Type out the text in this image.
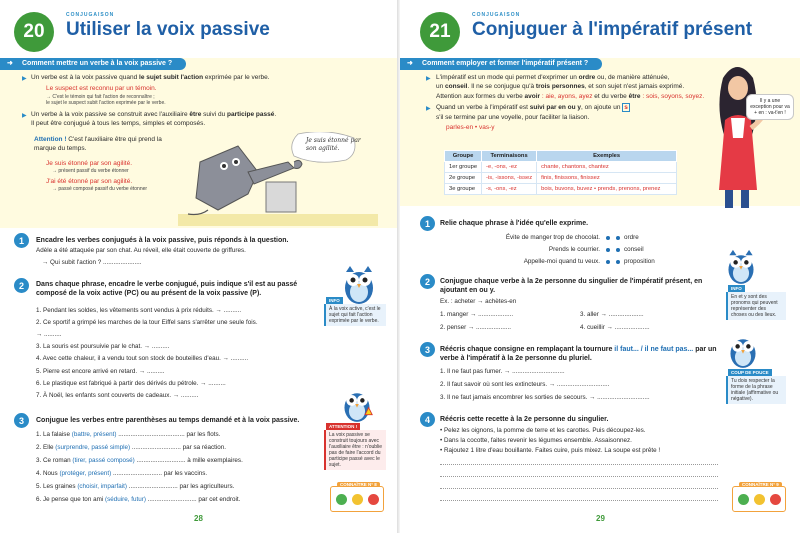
20
CONJUGAISON
Utiliser la voix passive
➜ Comment mettre un verbe à la voix passive ?
▶ Un verbe est à la voix passive quand le sujet subit l'action exprimée par le verbe.
Le suspect est reconnu par un témoin.
→ C'est le témoin qui fait l'action de reconnaître ;
le sujet le suspect subit l'action exprimée par le verbe.
▶ Un verbe à la voix passive se construit avec l'auxiliaire être suivi du participe passé.
Il peut être conjugué à tous les temps, simples et composés.
Attention ! C'est l'auxiliaire être qui prend la marque du temps.
Je suis étonné par son agilité.
→ présent passif du verbe étonner
J'ai été étonné par son agilité.
→ passé composé passif du verbe étonner
Je suis étonné par son agilité.
1	Encadre les verbes conjugués à la voix passive, puis réponds à la question.
Adèle a été attaquée par son chat. Au réveil, elle était couverte de griffures.
→ Qui subit l'action ? ......................
2	Dans chaque phrase, encadre le verbe conjugué, puis indique s'il est au passé composé de la voix active (PC) ou au présent de la voix passive (P).
1. Pendant les soldes, les vêtements sont vendus à prix réduits. → ..........
2. Ce sportif a grimpé les marches de la tour Eiffel sans s'arrêter une seule fois.
→ ..........
3. La souris est poursuivie par le chat. → ..........
4. Avec cette chaleur, il a vendu tout son stock de bouteilles d'eau. → ..........
5. Pierre est encore arrivé en retard. → ..........
6. Le plastique est fabriqué à partir des dérivés du pétrole. → ..........
7. À Noël, les enfants sont couverts de cadeaux. → ..........
INFO
À la voix active, c'est le sujet qui fait l'action exprimée par le verbe.
3	Conjugue les verbes entre parenthèses au temps demandé et à la voix passive.
1. La falaise (battre, présent) ...................................... par les flots.
2. Elle (surprendre, passé simple) ............................ par sa réaction.
3. Ce roman (tirer, passé composé) ............................ à mille exemplaires.
4. Nous (protéger, présent) ............................ par les vaccins.
5. Les graines (choisir, imparfait) ............................ par les agriculteurs.
6. Je pense que ton ami (séduire, futur) ............................ par cet endroit.
ATTENTION !
La voix passive se construit toujours avec l'auxiliaire être : n'oublie pas de faire l'accord du participe passé avec le sujet.
CONNAÎTRE N° 8
28
21
CONJUGAISON
Conjuguer à l'impératif présent
➜ Comment employer et former l'impératif présent ?
▶ L'impératif est un mode qui permet d'exprimer un ordre ou, de manière atténuée,
un conseil. Il ne se conjugue qu'à trois personnes, et son sujet n'est jamais exprimé.
Attention aux formes du verbe avoir : aie, ayons, ayez et du verbe être : sois, soyons, soyez.
▶ Quand un verbe à l'impératif est suivi par en ou y, on ajoute un s
s'il se termine par une voyelle, pour faciliter la liaison.
parles-en • vas-y
Groupe	Terminaisons	Exemples
1er groupe	-e, -ons, -ez	chante, chantons, chantez
2e groupe	-is, -issons, -issez	finis, finissons, finissez
3e groupe	-s, -ons, -ez	bois, buvons, buvez • prends, prenons, prenez
Il y a une exception pour va + en : va-t'en !
1	Relie chaque phrase à l'idée qu'elle exprime.
Évite de manger trop de chocolat.
Prends le courrier.
Appelle-moi quand tu veux.
ordre
conseil
proposition
INFO
En et y sont des pronoms qui peuvent représenter des choses ou des lieux.
2	Conjugue chaque verbe à la 2e personne du singulier de l'impératif présent, en ajoutant en ou y.
Ex. : acheter → achètes-en
1. manger → ....................	3. aller → ....................
2. penser → ....................	4. cueillir → ....................
3	Réécris chaque consigne en remplaçant la tournure il faut... / il ne faut pas... par un verbe à l'impératif à la 2e personne du pluriel.
1. Il ne faut pas fumer. → ..............................
2. Il faut savoir où sont les extincteurs. → ..............................
3. Il ne faut jamais encombrer les sorties de secours. → ..............................
COUP DE POUCE
Tu dois respecter la forme de la phrase initiale (affirmative ou négative).
4	Réécris cette recette à la 2e personne du singulier.
• Pelez les oignons, la pomme de terre et les carottes. Puis découpez-les.
• Dans la cocotte, faites revenir les légumes ensemble. Assaisonnez.
• Rajoutez 1 litre d'eau bouillante. Faites cuire, puis mixez. La soupe est prête !
CONNAÎTRE N° 9
29
